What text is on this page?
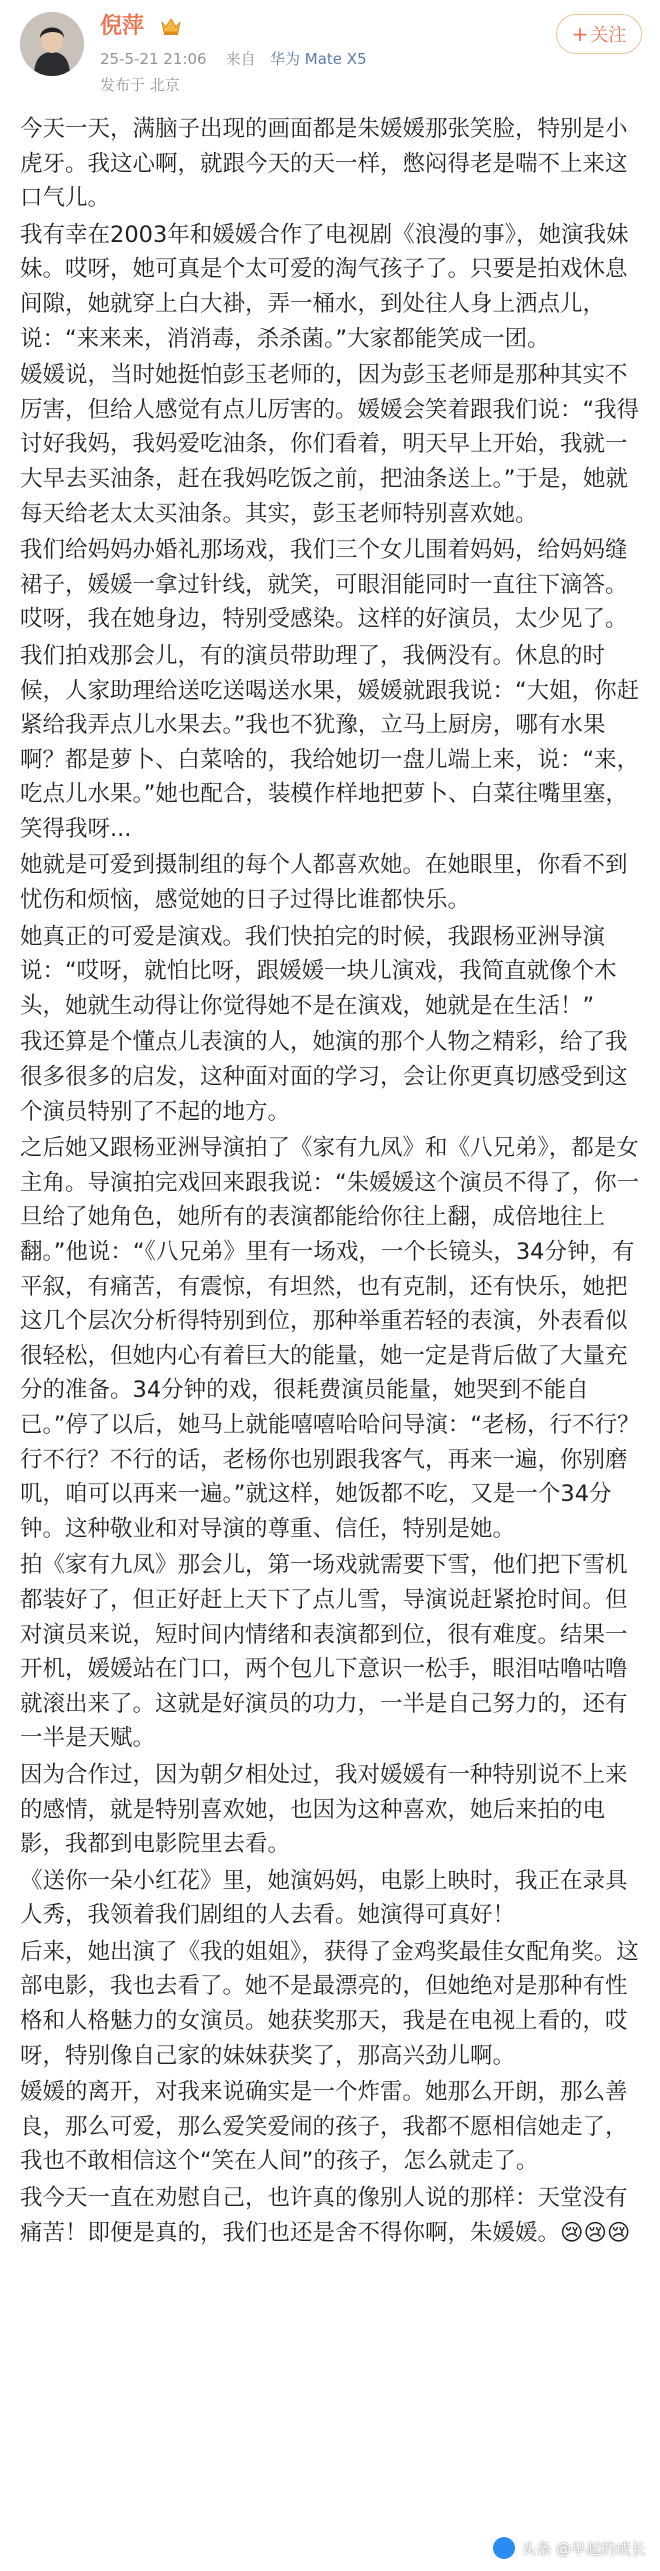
倪萍
25-5-21 21:06 来自 华为 Mate X5
发布于 北京
+ 关注

今天一天，满脑子出现的画面都是朱媛媛那张笑脸，特别是小虎牙。我这心啊，就跟今天的天一样，憋闷得老是喘不上来这口气儿。

我有幸在2003年和媛媛合作了电视剧《浪漫的事》，她演我妹妹。哎呀，她可真是个太可爱的淘气孩子了。只要是拍戏休息间隙，她就穿上白大褂，弄一桶水，到处往人身上洒点儿，说：“来来来，消消毒，杀杀菌。”大家都能笑成一团。

媛媛说，当时她挺怕彭玉老师的，因为彭玉老师是那种其实不厉害，但给人感觉有点儿厉害的。媛媛会笑着跟我们说：“我得讨好我妈，我妈爱吃油条，你们看着，明天早上开始，我就一大早去买油条，赶在我妈吃饭之前，把油条送上。”于是，她就每天给老太太买油条。其实，彭玉老师特别喜欢她。

我们给妈妈办婚礼那场戏，我们三个女儿围着妈妈，给妈妈缝裙子，媛媛一拿过针线，就笑，可眼泪能同时一直往下滴答。哎呀，我在她身边，特别受感染。这样的好演员，太少见了。

我们拍戏那会儿，有的演员带助理了，我俩没有。休息的时候，人家助理给送吃送喝送水果，媛媛就跟我说：“大姐，你赶紧给我弄点儿水果去。”我也不犹豫，立马上厨房，哪有水果啊？都是萝卜、白菜啥的，我给她切一盘儿端上来，说：“来，吃点儿水果。”她也配合，装模作样地把萝卜、白菜往嘴里塞，笑得我呀...

她就是可爱到摄制组的每个人都喜欢她。在她眼里，你看不到忧伤和烦恼，感觉她的日子过得比谁都快乐。

她真正的可爱是演戏。我们快拍完的时候，我跟杨亚洲导演说：“哎呀，就怕比呀，跟媛媛一块儿演戏，我简直就像个木头，她就生动得让你觉得她不是在演戏，她就是在生活！”

我还算是个懂点儿表演的人，她演的那个人物之精彩，给了我很多很多的启发，这种面对面的学习，会让你更真切感受到这个演员特别了不起的地方。

之后她又跟杨亚洲导演拍了《家有九凤》和《八兄弟》，都是女主角。导演拍完戏回来跟我说：“朱媛媛这个演员不得了，你一旦给了她角色，她所有的表演都能给你往上翻，成倍地往上翻。”他说：“《八兄弟》里有一场戏，一个长镜头，34分钟，有平叙，有痛苦，有震惊，有坦然，也有克制，还有快乐，她把这几个层次分析得特别到位，那种举重若轻的表演，外表看似很轻松，但她内心有着巨大的能量，她一定是背后做了大量充分的准备。34分钟的戏，很耗费演员能量，她哭到不能自已。”停了以后，她马上就能嘻嘻哈哈问导演：“老杨，行不行？行不行？不行的话，老杨你也别跟我客气，再来一遍，你别磨叽，咱可以再来一遍。”就这样，她饭都不吃，又是一个34分钟。这种敬业和对导演的尊重、信任，特别是她。

拍《家有九凤》那会儿，第一场戏就需要下雪，他们把下雪机都装好了，但正好赶上天下了点儿雪，导演说赶紧抢时间。但对演员来说，短时间内情绪和表演都到位，很有难度。结果一开机，媛媛站在门口，两个包儿下意识一松手，眼泪咕噜咕噜就滚出来了。这就是好演员的功力，一半是自己努力的，还有一半是天赋。

因为合作过，因为朝夕相处过，我对媛媛有一种特别说不上来的感情，就是特别喜欢她，也因为这种喜欢，她后来拍的电影，我都到电影院里去看。

《送你一朵小红花》里，她演妈妈，电影上映时，我正在录具人秀，我领着我们剧组的人去看。她演得可真好！

后来，她出演了《我的姐姐》，获得了金鸡奖最佳女配角奖。这部电影，我也去看了。她不是最漂亮的，但她绝对是那种有性格和人格魅力的女演员。她获奖那天，我是在电视上看的，哎呀，特别像自己家的妹妹获奖了，那高兴劲儿啊。

媛媛的离开，对我来说确实是一个炸雷。她那么开朗，那么善良，那么可爱，那么爱笑爱闹的孩子，我都不愿相信她走了，我也不敢相信这个“笑在人间”的孩子，怎么就走了。

我今天一直在劝慰自己，也许真的像别人说的那样：天堂没有痛苦！即便是真的，我们也还是舍不得你啊，朱媛媛。😢😢😢

头条 @早起的成长
